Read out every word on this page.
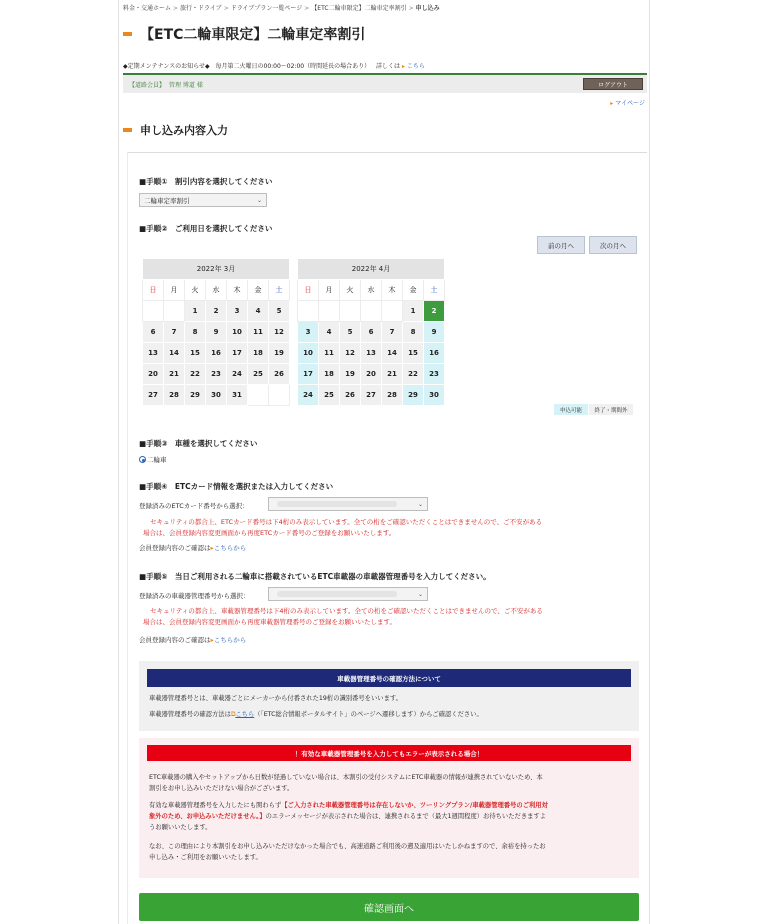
料金・交通ホーム > 旅行・ドライブ > ドライブプラン一覧ページ > 【ETC二輪車限定】二輪車定率割引 > 申し込み
【ETC二輪車限定】二輪車定率割引
◆定期メンテナンスのお知らせ◆ 毎月第二火曜日の00:00～02:00（時間延長の場合あり） 詳しくは ▸ こちら
【道路会員】 管理 博道 様	ログアウト
▸ マイページ
申し込み内容入力
■手順①　割引内容を選択してください
二輪車定率割引	⌄
■手順②　ご利用日を選択してください
前の月へ	次の月へ
2022年 3月						
日	月	火	水	木	金	土
		1	2	3	4	5
6	7	8	9	10	11	12
13	14	15	16	17	18	19
20	21	22	23	24	25	26
27	28	29	30	31		
2022年 4月						
日	月	火	水	木	金	土
					1	2
3	4	5	6	7	8	9
10	11	12	13	14	15	16
17	18	19	20	21	22	23
24	25	26	27	28	29	30
申込可能	終了・期間外
■手順③　車種を選択してください
二輪車
■手順④　ETCカード情報を選択または入力してください
登録済みのETCカード番号から選択：	⌄
セキュリティの都合上、ETCカード番号は下4桁のみ表示しています。全ての桁をご確認いただくことはできませんので、ご不安がある
場合は、会員登録内容変更画面から再度ETCカード番号のご登録をお願いいたします。
会員登録内容のご確認は▸こちらから
■手順⑤　当日ご利用される二輪車に搭載されているETC車載器の車載器管理番号を入力してください。
登録済みの車載器管理番号から選択：	⌄
セキュリティの都合上、車載器管理番号は下4桁のみ表示しています。全ての桁をご確認いただくことはできませんので、ご不安がある
場合は、会員登録内容変更画面から再度車載器管理番号のご登録をお願いいたします。
会員登録内容のご確認は▸こちらから
車載器管理番号の確認方法について
車載器管理番号とは、車載器ごとにメーカーから付番された19桁の識別番号をいいます。
車載器管理番号の確認方法は⧉こちら（「ETC総合情報ポータルサイト」のページへ遷移します）からご確認ください。
！有効な車載器管理番号を入力してもエラーが表示される場合！
ETC車載器の購入やセットアップから日数が経過していない場合は、本割引の受付システムにETC車載器の情報が連携されていないため、本
割引をお申し込みいただけない場合がございます。
有効な車載器管理番号を入力したにも関わらず【ご入力された車載器管理番号は存在しないか、ツーリングプラン/車載器管理番号のご利用対
象外のため、お申込みいただけません。】のエラーメッセージが表示された場合は、連携されるまで（最大1週間程度）お待ちいただきますよ
うお願いいたします。
なお、この理由により本割引をお申し込みいただけなかった場合でも、高速道路ご利用後の遡及適用はいたしかねますので、余裕を持ったお
申し込み・ご利用をお願いいたします。
確認画面へ
